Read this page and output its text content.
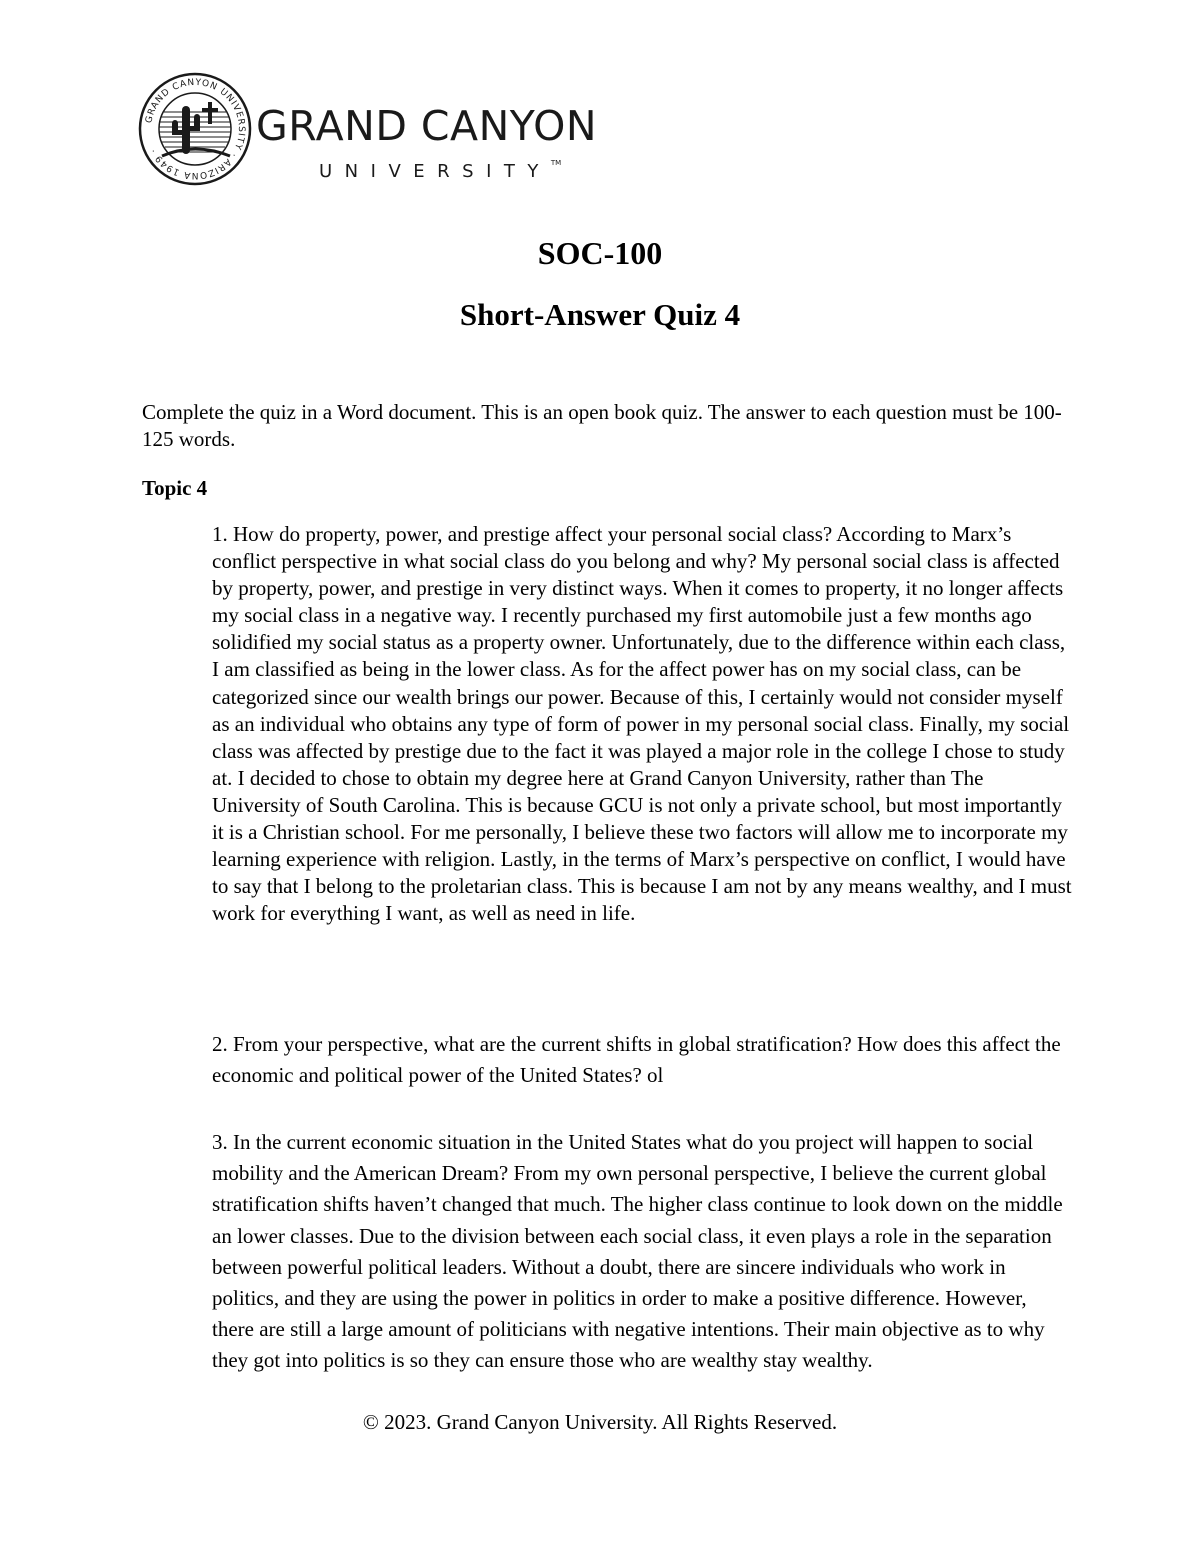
GRAND CANYON UNIVERSITY · ARIZONA 1949 ·
GRAND CANYON
UNIVERSITY™
SOC-100
Short-Answer Quiz 4
Complete the quiz in a Word document. This is an open book quiz. The answer to each question must be 100-125 words.
Topic 4
1. How do property, power, and prestige affect your personal social class? According to Marx’s conflict perspective in what social class do you belong and why? My personal social class is affected by property, power, and prestige in very distinct ways. When it comes to property, it no longer affects my social class in a negative way. I recently purchased my first automobile just a few months ago solidified my social status as a property owner. Unfortunately, due to the difference within each class, I am classified as being in the lower class. As for the affect power has on my social class, can be categorized since our wealth brings our power. Because of this, I certainly would not consider myself as an individual who obtains any type of form of power in my personal social class. Finally, my social class was affected by prestige due to the fact it was played a major role in the college I chose to study at. I decided to chose to obtain my degree here at Grand Canyon University, rather than The University of South Carolina. This is because GCU is not only a private school, but most importantly it is a Christian school. For me personally, I believe these two factors will allow me to incorporate my learning experience with religion. Lastly, in the terms of Marx’s perspective on conflict, I would have to say that I belong to the proletarian class. This is because I am not by any means wealthy, and I must work for everything I want, as well as need in life.
2. From your perspective, what are the current shifts in global stratification? How does this affect the economic and political power of the United States? ol
3. In the current economic situation in the United States what do you project will happen to social mobility and the American Dream? From my own personal perspective, I believe the current global stratification shifts haven’t changed that much. The higher class continue to look down on the middle an lower classes. Due to the division between each social class, it even plays a role in the separation between powerful political leaders. Without a doubt, there are sincere individuals who work in politics, and they are using the power in politics in order to make a positive difference. However, there are still a large amount of politicians with negative intentions. Their main objective as to why they got into politics is so they can ensure those who are wealthy stay wealthy.
© 2023. Grand Canyon University. All Rights Reserved.
